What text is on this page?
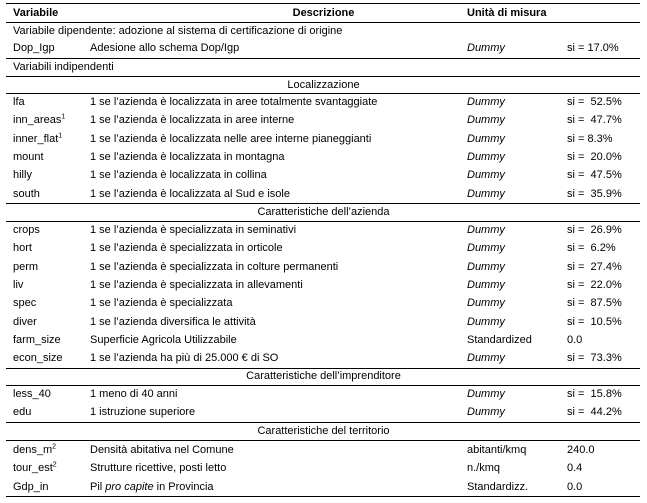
Variabile	Descrizione	Unità di misura
Variabile dipendente: adozione al sistema di certificazione di origine
Dop_Igp	Adesione allo schema Dop/Igp	Dummy	si = 17.0%
Variabili indipendenti
Localizzazione
lfa	1 se l’azienda è localizzata in aree totalmente svantaggiate	Dummy	si =  52.5%
inn_areas$^1$ 1 se l’azienda è localizzata in aree interne	Dummy	si =  47.7%
inner_flat$^1$	1 se l’azienda è localizzata nelle aree interne pianeggianti	Dummy	si = 8.3%
mount	1 se l’azienda è localizzata in montagna	Dummy	si =  20.0%
hilly	1 se l’azienda è localizzata in collina	Dummy	si =  47.5%
south	1 se l’azienda è localizzata al Sud e isole	Dummy	si =  35.9%
Caratteristiche dell’azienda
crops	1 se l’azienda è specializzata in seminativi	Dummy	si =  26.9%
hort	1 se l’azienda è specializzata in orticole	Dummy	si =  6.2%
perm	1 se l’azienda è specializzata in colture permanenti	Dummy	si =  27.4%
liv	1 se l’azienda è specializzata in allevamenti	Dummy	si =  22.0%
spec	1 se l’azienda è specializzata	Dummy	si =  87.5%
diver	1 se l’azienda diversifica le attività	Dummy	si =  10.5%
farm_size	Superficie Agricola Utilizzabile	Standardized	0.0
econ_size 1 se l’azienda ha più di 25.000 € di SO	Dummy	si =  73.3%
Caratteristiche dell’imprenditore
less_40	1 meno di 40 anni	Dummy	si =  15.8%
edu	1 istruzione superiore	Dummy	si =  44.2%
Caratteristiche del territorio
$dens\_m^2$	Densità abitativa nel Comune	abitanti/kmq	240.0
tour_est$^2$	Strutture ricettive, posti letto	n./kmq	0.4
Gdp_in	Pil pro capite in Provincia	Standardizz.	0.0
